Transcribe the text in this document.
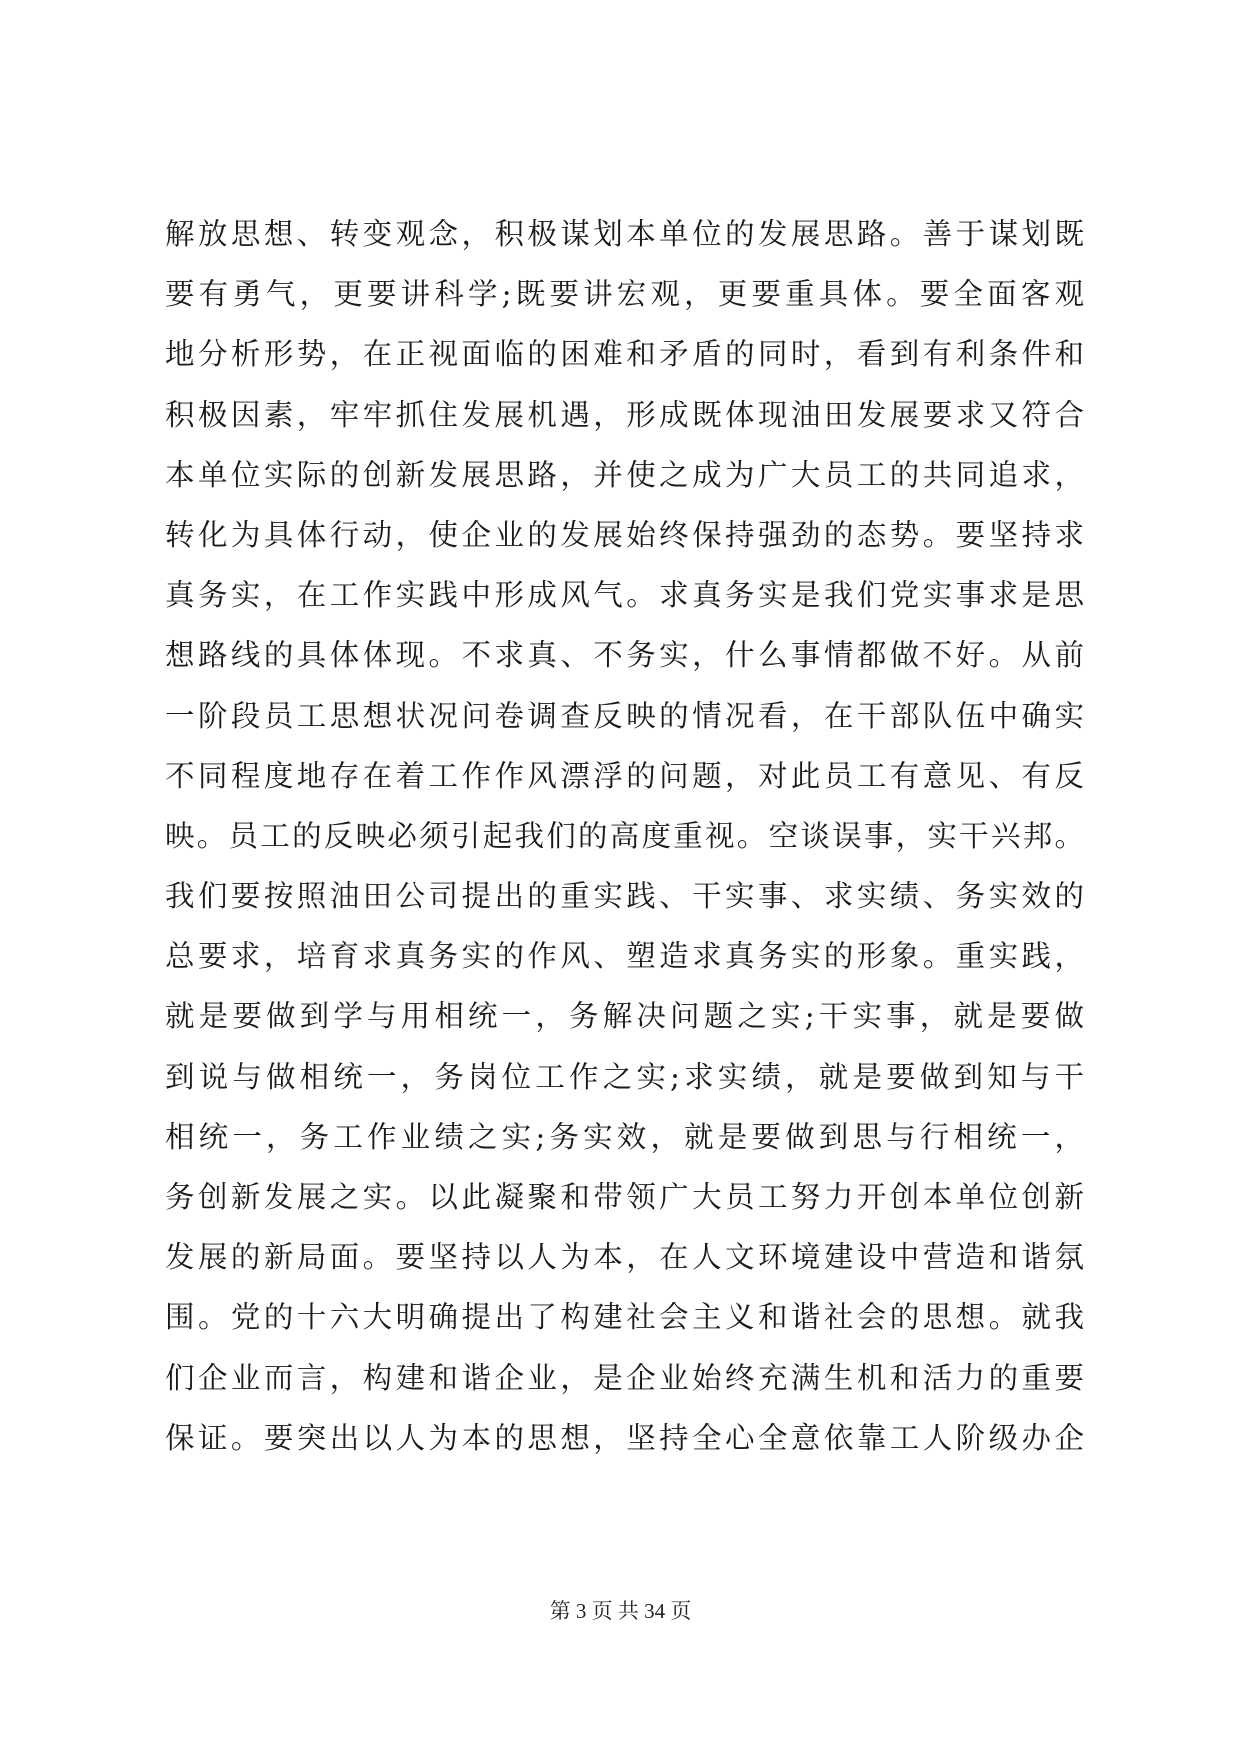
解放思想、转变观念，积极谋划本单位的发展思路。善于谋划既
要有勇气，更要讲科学;既要讲宏观，更要重具体。要全面客观
地分析形势，在正视面临的困难和矛盾的同时，看到有利条件和
积极因素，牢牢抓住发展机遇，形成既体现油田发展要求又符合
本单位实际的创新发展思路，并使之成为广大员工的共同追求，
转化为具体行动，使企业的发展始终保持强劲的态势。要坚持求
真务实，在工作实践中形成风气。求真务实是我们党实事求是思
想路线的具体体现。不求真、不务实，什么事情都做不好。从前
一阶段员工思想状况问卷调查反映的情况看，在干部队伍中确实
不同程度地存在着工作作风漂浮的问题，对此员工有意见、有反
映。员工的反映必须引起我们的高度重视。空谈误事，实干兴邦。
我们要按照油田公司提出的重实践、干实事、求实绩、务实效的
总要求，培育求真务实的作风、塑造求真务实的形象。重实践，
就是要做到学与用相统一，务解决问题之实;干实事，就是要做
到说与做相统一，务岗位工作之实;求实绩，就是要做到知与干
相统一，务工作业绩之实;务实效，就是要做到思与行相统一，
务创新发展之实。以此凝聚和带领广大员工努力开创本单位创新
发展的新局面。要坚持以人为本，在人文环境建设中营造和谐氛
围。党的十六大明确提出了构建社会主义和谐社会的思想。就我
们企业而言，构建和谐企业，是企业始终充满生机和活力的重要
保证。要突出以人为本的思想，坚持全心全意依靠工人阶级办企
第 3 页 共 34 页
